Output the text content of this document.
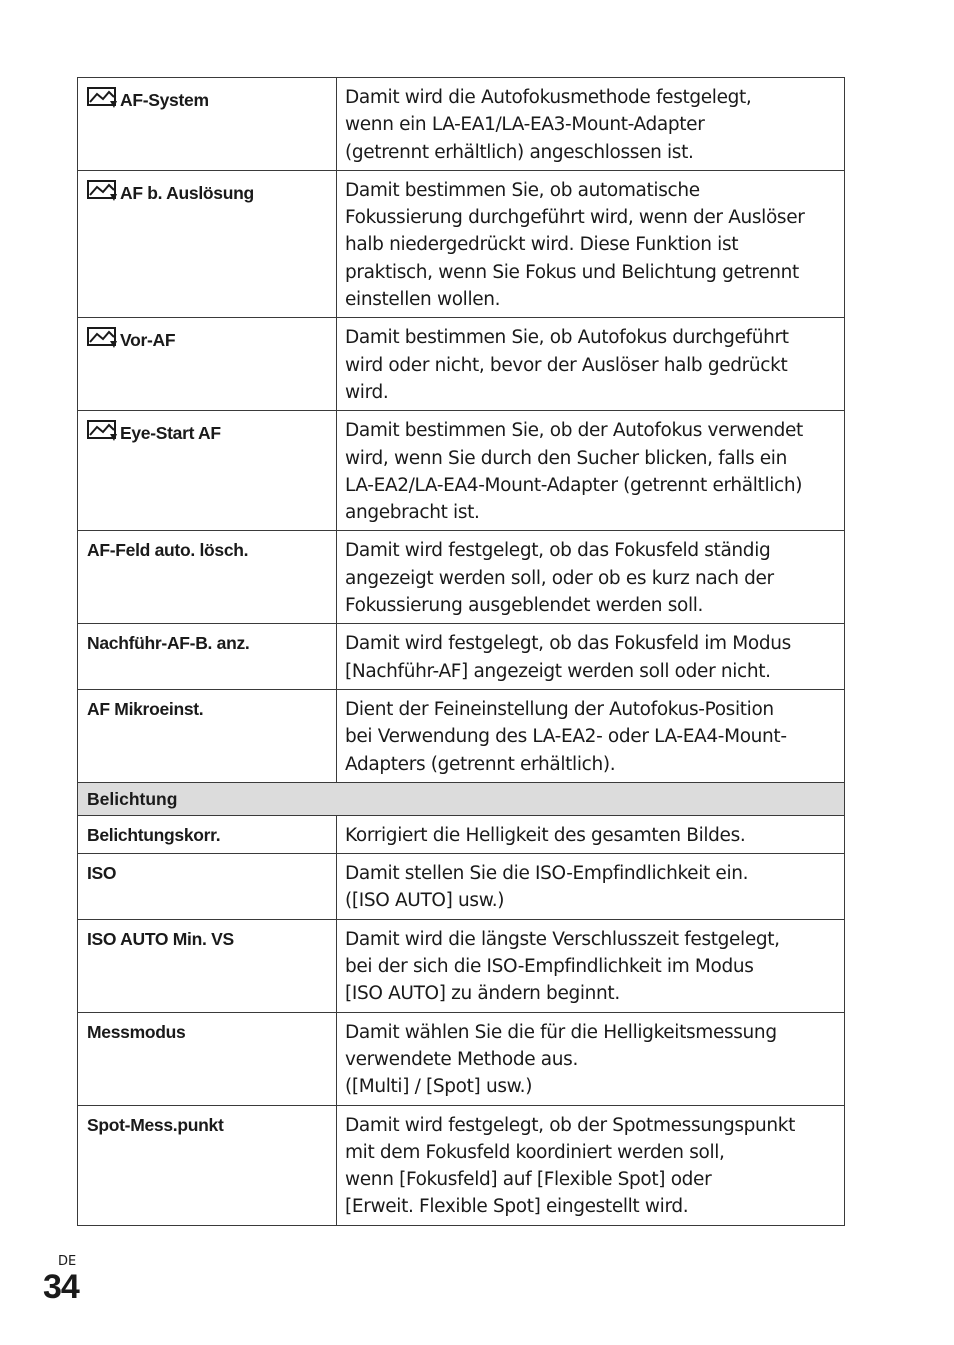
AF-System	Damit wird die Autofokusmethode festgelegt,
wenn ein LA-EA1/LA-EA3-Mount-Adapter
(getrennt erhältlich) angeschlossen ist.

AF b. Auslösung	Damit bestimmen Sie, ob automatische
Fokussierung durchgeführt wird, wenn der Auslöser
halb niedergedrückt wird. Diese Funktion ist
praktisch, wenn Sie Fokus und Belichtung getrennt
einstellen wollen.

Vor-AF	Damit bestimmen Sie, ob Autofokus durchgeführt
wird oder nicht, bevor der Auslöser halb gedrückt
wird.

Eye-Start AF	Damit bestimmen Sie, ob der Autofokus verwendet
wird, wenn Sie durch den Sucher blicken, falls ein
LA-EA2/LA-EA4-Mount-Adapter (getrennt erhältlich)
angebracht ist.

AF-Feld auto. lösch.	Damit wird festgelegt, ob das Fokusfeld ständig
angezeigt werden soll, oder ob es kurz nach der
Fokussierung ausgeblendet werden soll.

Nachführ-AF-B. anz.	Damit wird festgelegt, ob das Fokusfeld im Modus
[Nachführ-AF] angezeigt werden soll oder nicht.

AF Mikroeinst.	Dient der Feineinstellung der Autofokus-Position
bei Verwendung des LA-EA2- oder LA-EA4-Mount-
Adapters (getrennt erhältlich).

Belichtung	
Belichtungskorr.	Korrigiert die Helligkeit des gesamten Bildes.

ISO	Damit stellen Sie die ISO-Empfindlichkeit ein.
([ISO AUTO] usw.)

ISO AUTO Min. VS	Damit wird die längste Verschlusszeit festgelegt,
bei der sich die ISO-Empfindlichkeit im Modus
[ISO AUTO] zu ändern beginnt.

Messmodus	Damit wählen Sie die für die Helligkeitsmessung
verwendete Methode aus.
([Multi] / [Spot] usw.)

Spot-Mess.punkt	Damit wird festgelegt, ob der Spotmessungspunkt
mit dem Fokusfeld koordiniert werden soll,
wenn [Fokusfeld] auf [Flexible Spot] oder
[Erweit. Flexible Spot] eingestellt wird.
DE
34
